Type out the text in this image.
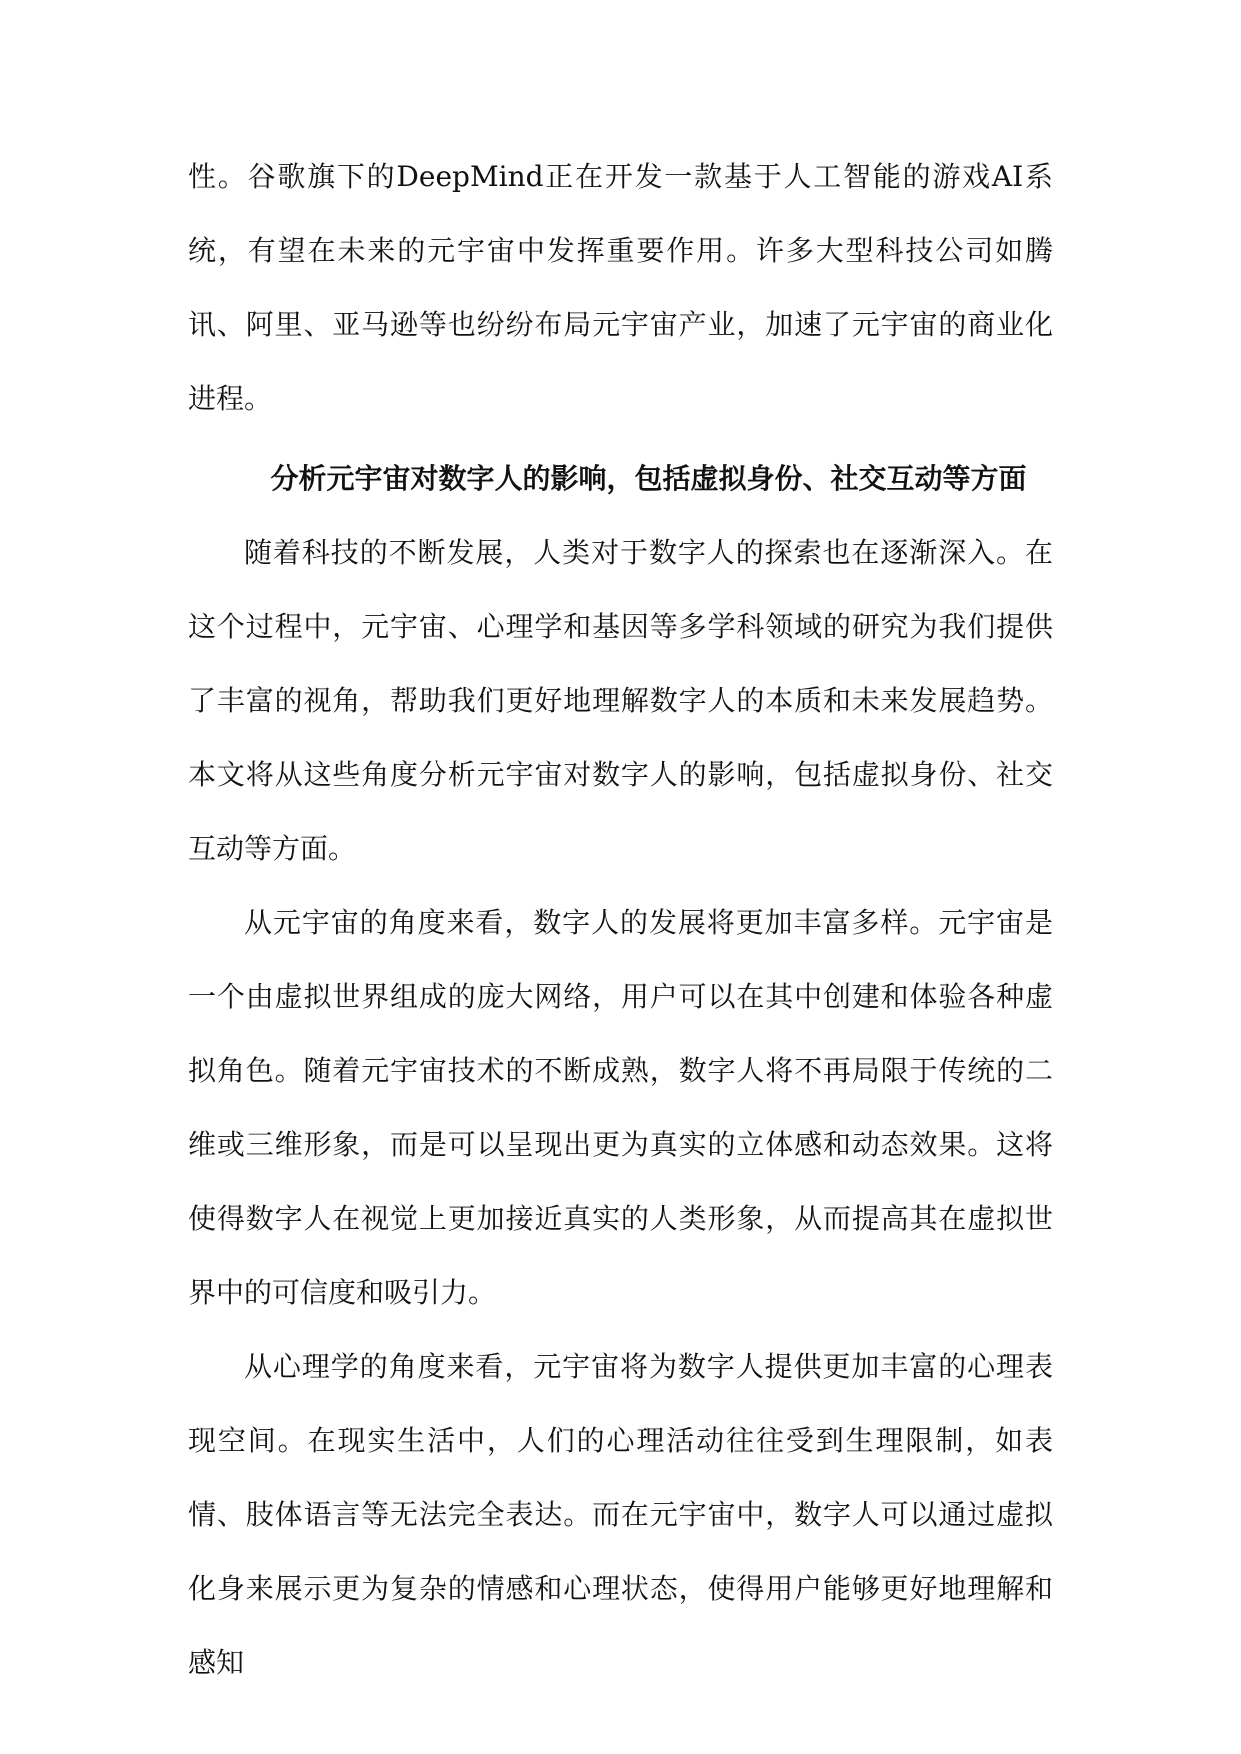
性。谷歌旗下的DeepMind正在开发一款基于人工智能的游戏AI系统，有望在未来的元宇宙中发挥重要作用。许多大型科技公司如腾讯、阿里、亚马逊等也纷纷布局元宇宙产业，加速了元宇宙的商业化进程。

分析元宇宙对数字人的影响，包括虚拟身份、社交互动等方面

随着科技的不断发展，人类对于数字人的探索也在逐渐深入。在这个过程中，元宇宙、心理学和基因等多学科领域的研究为我们提供了丰富的视角，帮助我们更好地理解数字人的本质和未来发展趋势。本文将从这些角度分析元宇宙对数字人的影响，包括虚拟身份、社交互动等方面。

从元宇宙的角度来看，数字人的发展将更加丰富多样。元宇宙是一个由虚拟世界组成的庞大网络，用户可以在其中创建和体验各种虚拟角色。随着元宇宙技术的不断成熟，数字人将不再局限于传统的二维或三维形象，而是可以呈现出更为真实的立体感和动态效果。这将使得数字人在视觉上更加接近真实的人类形象，从而提高其在虚拟世界中的可信度和吸引力。

从心理学的角度来看，元宇宙将为数字人提供更加丰富的心理表现空间。在现实生活中，人们的心理活动往往受到生理限制，如表情、肢体语言等无法完全表达。而在元宇宙中，数字人可以通过虚拟化身来展示更为复杂的情感和心理状态，使得用户能够更好地理解和感知
